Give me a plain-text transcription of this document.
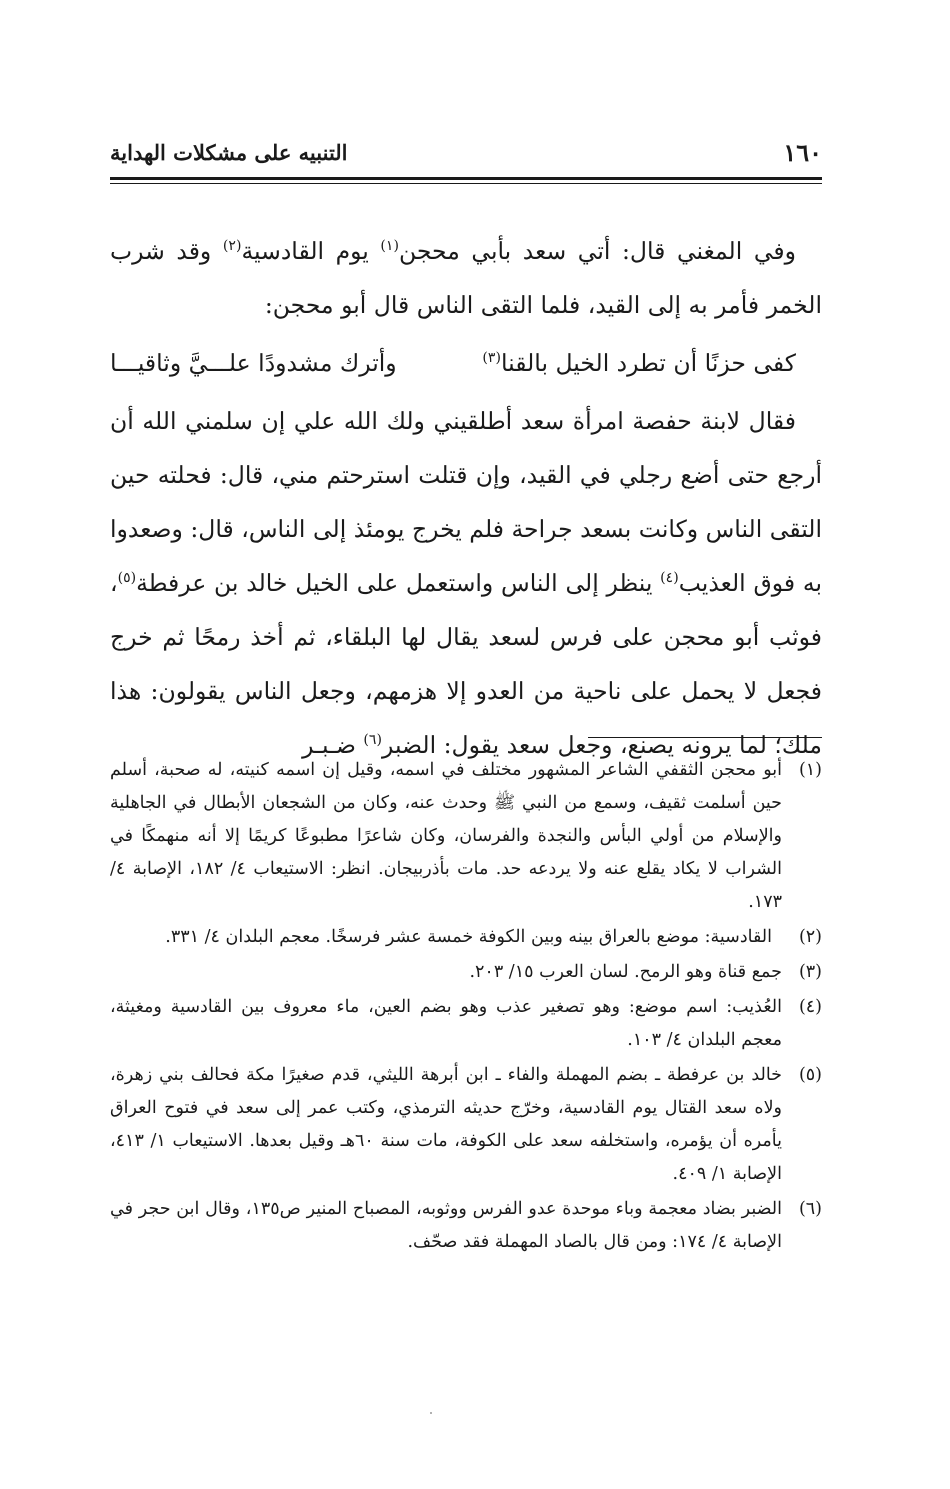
١٦٠
التنبيه على مشكلات الهداية

وفي المغني قال: أتي سعد بأبي محجن$^{(١)}$ يوم القادسية$^{(٢)}$ وقد شرب الخمر فأمر به إلى القيد، فلما التقى الناس قال أبو محجن:

كفى حزنًا أن تطرد الخيل بالقنا$^{(٣)}$
وأترك مشدودًا علـــيَّ وثاقيـــا

فقال لابنة حفصة امرأة سعد أطلقيني ولك الله علي إن سلمني الله أن أرجع حتى أضع رجلي في القيد، وإن قتلت استرحتم مني، قال: فحلته حين التقى الناس وكانت بسعد جراحة فلم يخرج يومئذ إلى الناس، قال: وصعدوا به فوق العذيب$^{(٤)}$ ينظر إلى الناس واستعمل على الخيل خالد بن عرفطة$^{(٥)}$، فوثب أبو محجن على فرس لسعد يقال لها البلقاء، ثم أخذ رمحًا ثم خرج فجعل لا يحمل على ناحية من العدو إلا هزمهم، وجعل الناس يقولون: هذا ملك؛ لما يرونه يصنع، وجعل سعد يقول: الضبر$^{(٦)}$ ضـبـر

(١)
أبو محجن الثقفي الشاعر المشهور مختلف في اسمه، وقيل إن اسمه كنيته، له صحبة، أسلم حين أسلمت ثقيف، وسمع من النبي ﷺ وحدث عنه، وكان من الشجعان الأبطال في الجاهلية والإسلام من أولي البأس والنجدة والفرسان، وكان شاعرًا مطبوعًا كريمًا إلا أنه منهمكًا في الشراب لا يكاد يقلع عنه ولا يردعه حد. مات بأذربيجان. انظر: الاستيعاب ٤/ ١٨٢، الإصابة ٤/ ١٧٣.
(٢)
القادسية: موضع بالعراق بينه وبين الكوفة خمسة عشر فرسخًا. معجم البلدان ٤/ ٣٣١.
(٣)
جمع قناة وهو الرمح. لسان العرب ١٥/ ٢٠٣.
(٤)
العُذيب: اسم موضع: وهو تصغير عذب وهو بضم العين، ماء معروف بين القادسية ومغيثة، معجم البلدان ٤/ ١٠٣.
(٥)
خالد بن عرفطة ـ بضم المهملة والفاء ـ ابن أبرهة الليثي، قدم صغيرًا مكة فحالف بني زهرة، ولاه سعد القتال يوم القادسية، وخرّج حديثه الترمذي، وكتب عمر إلى سعد في فتوح العراق يأمره أن يؤمره، واستخلفه سعد على الكوفة، مات سنة ٦٠هـ وقيل بعدها. الاستيعاب ١/ ٤١٣، الإصابة ١/ ٤٠٩.
(٦)
الضبر بضاد معجمة وباء موحدة عدو الفرس ووثوبه، المصباح المنير ص١٣٥، وقال ابن حجر في الإصابة ٤/ ١٧٤: ومن قال بالصاد المهملة فقد صحّف.
